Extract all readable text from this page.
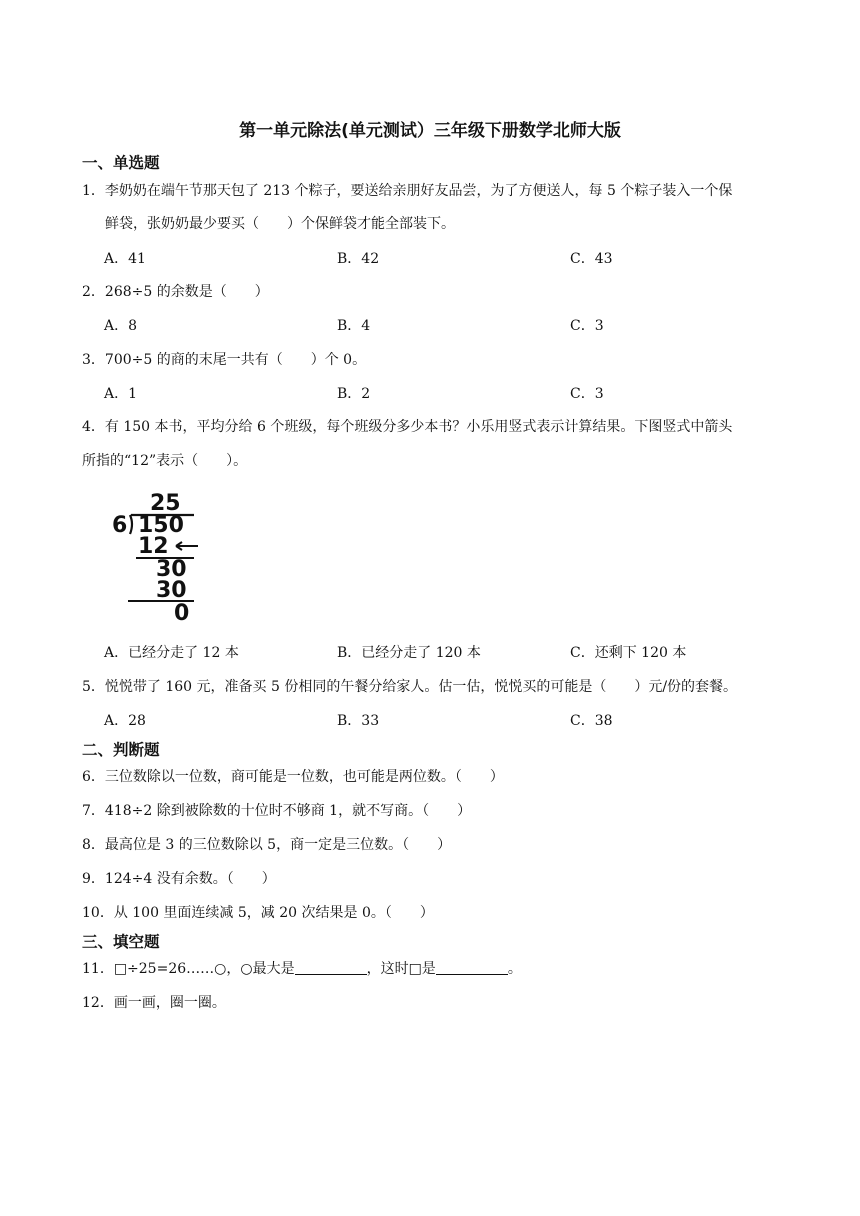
第一单元除法(单元测试）三年级下册数学北师大版
一、单选题
1．李奶奶在端午节那天包了 213 个粽子，要送给亲朋好友品尝，为了方便送人，每 5 个粽子装入一个保
鲜袋，张奶奶最少要买（　　）个保鲜袋才能全部装下。
A．41	B．42	C．43
2．268÷5 的余数是（　　）
A．8	B．4	C．3
3．700÷5 的商的末尾一共有（　　）个 0。
A．1	B．2	C．3
4．有 150 本书，平均分给 6 个班级，每个班级分多少本书？小乐用竖式表示计算结果。下图竖式中箭头
所指的“12”表示（　　）。
25
6 150
12
30
30
0
A．已经分走了 12 本	B．已经分走了 120 本	C．还剩下 120 本
5．悦悦带了 160 元，准备买 5 份相同的午餐分给家人。估一估，悦悦买的可能是（　　）元/份的套餐。
A．28	B．33	C．38
二、判断题
6．三位数除以一位数，商可能是一位数，也可能是两位数。（　　）
7．418÷2 除到被除数的十位时不够商 1，就不写商。（　　）
8．最高位是 3 的三位数除以 5，商一定是三位数。（　　）
9．124÷4 没有余数。（　　）
10．从 100 里面连续减 5，减 20 次结果是 0。（　　）
三、填空题
11．□÷25=26……○，○最大是	，这时□是	。
12．画一画，圈一圈。
